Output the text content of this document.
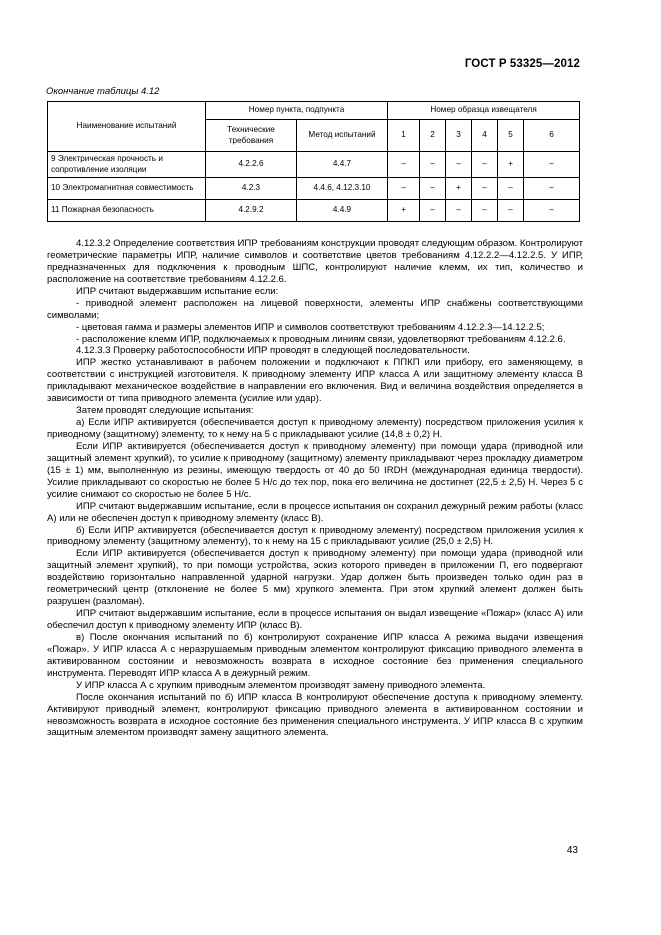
ГОСТ Р 53325—2012
Окончание таблицы 4.12
Наименование испытаний	Номер пункта, подпункта		Номер образца извещателя					
	Технические требования	Метод испытаний	1	2	3	4	5	6
9 Электрическая прочность и сопротивление изоляции	4.2.2.6	4.4.7	–	–	–	–	+	–
10 Электромагнитная совместимость	4.2.3	4.4.6, 4.12.3.10	–	–	+	–	–	–
11 Пожарная безопасность	4.2.9.2	4.4.9	+	–	–	–	–	–

4.12.3.2 Определение соответствия ИПР требованиям конструкции проводят следующим образом. Контролируют геометрические параметры ИПР, наличие символов и соответствие цветов требованиям 4.12.2.2—4.12.2.5. У ИПР, предназначенных для подключения к проводным ШПС, контролируют наличие клемм, их тип, количество и расположение на соответствие требованиям 4.12.2.6.

ИПР считают выдержавшим испытание если:

- приводной элемент расположен на лицевой поверхности, элементы ИПР снабжены соответствующими символами;

- цветовая гамма и размеры элементов ИПР и символов соответствуют требованиям 4.12.2.3—14.12.2.5;

- расположение клемм ИПР, подключаемых к проводным линиям связи, удовлетворяют требованиям 4.12.2.6.

4.12.3.3 Проверку работоспособности ИПР проводят в следующей последовательности.

ИПР жестко устанавливают в рабочем положении и подключают к ППКП или прибору, его заменяющему, в соответствии с инструкцией изготовителя. К приводному элементу ИПР класса А или защитному элементу класса В прикладывают механическое воздействие в направлении его включения. Вид и величина воздействия определяется в зависимости от типа приводного элемента (усилие или удар).

Затем проводят следующие испытания:

а) Если ИПР активируется (обеспечивается доступ к приводному элементу) посредством приложения усилия к приводному (защитному) элементу, то к нему на 5 с прикладывают усилие (14,8 ± 0,2) Н.

Если ИПР активируется (обеспечивается доступ к приводному элементу) при помощи удара (приводной или защитный элемент хрупкий), то усилие к приводному (защитному) элементу прикладывают через прокладку диаметром (15 ± 1) мм, выполненную из резины, имеющую твердость от 40 до 50 IRDH (международная единица твердости). Усилие прикладывают со скоростью не более 5 Н/с до тех пор, пока его величина не достигнет (22,5 ± 2,5) Н. Через 5 с усилие снимают со скоростью не более 5 Н/с.

ИПР считают выдержавшим испытание, если в процессе испытания он сохранил дежурный режим работы (класс А) или не обеспечен доступ к приводному элементу (класс В).

б) Если ИПР активируется (обеспечивается доступ к приводному элементу) посредством приложения усилия к приводному элементу (защитному элементу), то к нему на 15 с прикладывают усилие (25,0 ± 2,5) Н.

Если ИПР активируется (обеспечивается доступ к приводному элементу) при помощи удара (приводной или защитный элемент хрупкий), то при помощи устройства, эскиз которого приведен в приложении П, его подвергают воздействию горизонтально направленной ударной нагрузки. Удар должен быть произведен только один раз в геометрический центр (отклонение не более 5 мм) хрупкого элемента. При этом хрупкий элемент должен быть разрушен (разломан).

ИПР считают выдержавшим испытание, если в процессе испытания он выдал извещение «Пожар» (класс А) или обеспечил доступ к приводному элементу ИПР (класс В).

в) После окончания испытаний по б) контролируют сохранение ИПР класса А режима выдачи извещения «Пожар». У ИПР класса А с неразрушаемым приводным элементом контролируют фиксацию приводного элемента в активированном состоянии и невозможность возврата в исходное состояние без применения специального инструмента. Переводят ИПР класса А в дежурный режим.

У ИПР класса А с хрупким приводным элементом производят замену приводного элемента.

После окончания испытаний по б) ИПР класса В контролируют обеспечение доступа к приводному элементу. Активируют приводный элемент, контролируют фиксацию приводного элемента в активированном состоянии и невозможность возврата в исходное состояние без применения специального инструмента. У ИПР класса В с хрупким защитным элементом производят замену защитного элемента.

43
